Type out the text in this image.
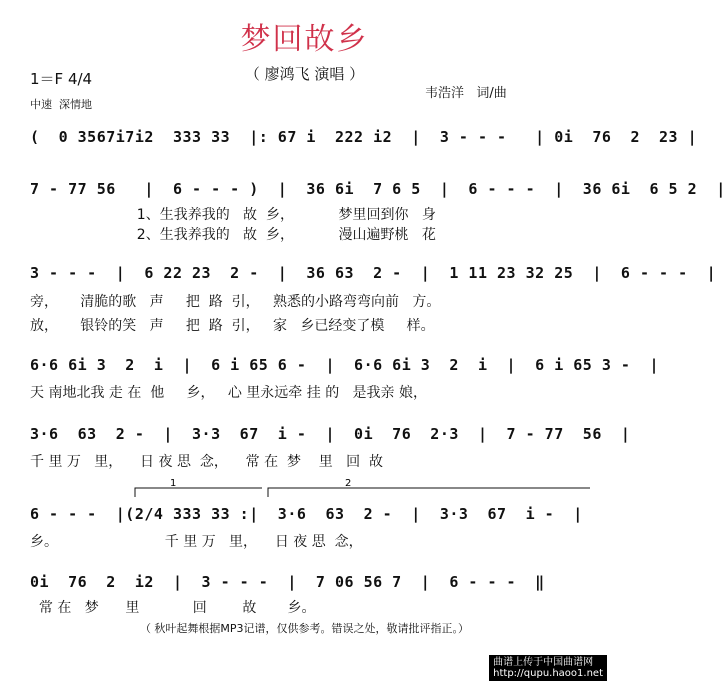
梦回故乡
（ 廖鸿飞 演唱 ）
1＝F 4/4
中速  深情地
韦浩洋   词/曲
(  0 3567i7i2  333 33  |: 67 i  222 i2  |  3 - - -   | 0i  76  2  23 |
7 - 77 56   |  6 - - - )  |  36 6i  7 6 5  |  6 - - -  |  36 6i  6 5 2  |
1、生我养我的   故  乡，          梦里回到你   身
2、生我养我的   故  乡，          漫山遍野桃   花
3 - - -  |  6 22 23  2 -  |  36 63  2 -  |  1 11 23 32 25  |  6 - - -  |
旁，     清脆的歌   声     把  路  引，   熟悉的小路弯弯向前   方。
放，     银铃的笑   声     把  路  引，   家   乡已经变了模     样。
6·6 6i 3  2  i  |  6 i 65 6 -  |  6·6 6i 3  2  i  |  6 i 65 3 -  |
天 南地北我 走 在  他     乡，   心 里永远牵 挂 的   是我亲 娘，
3·6  63  2 -  |  3·3  67  i -  |  0i  76  2·3  |  7 - 77  56  |
千 里 万   里，    日 夜 思  念，    常 在  梦    里   回  故
6 - - -  |(2/4 333 33 :|  3·6  63  2 -  |  3·3  67  i -  |
乡。                        千 里 万   里，    日 夜 思  念，
0i  76  2  i2  |  3 - - -  |  7 06 56 7  |  6 - - -  ‖
常 在   梦      里            回        故       乡。
1	2
（ 秋叶起舞根据MP3记谱，仅供参考。错误之处，敬请批评指正。）
曲谱上传于中国曲谱网
http://qupu.haoo1.net
